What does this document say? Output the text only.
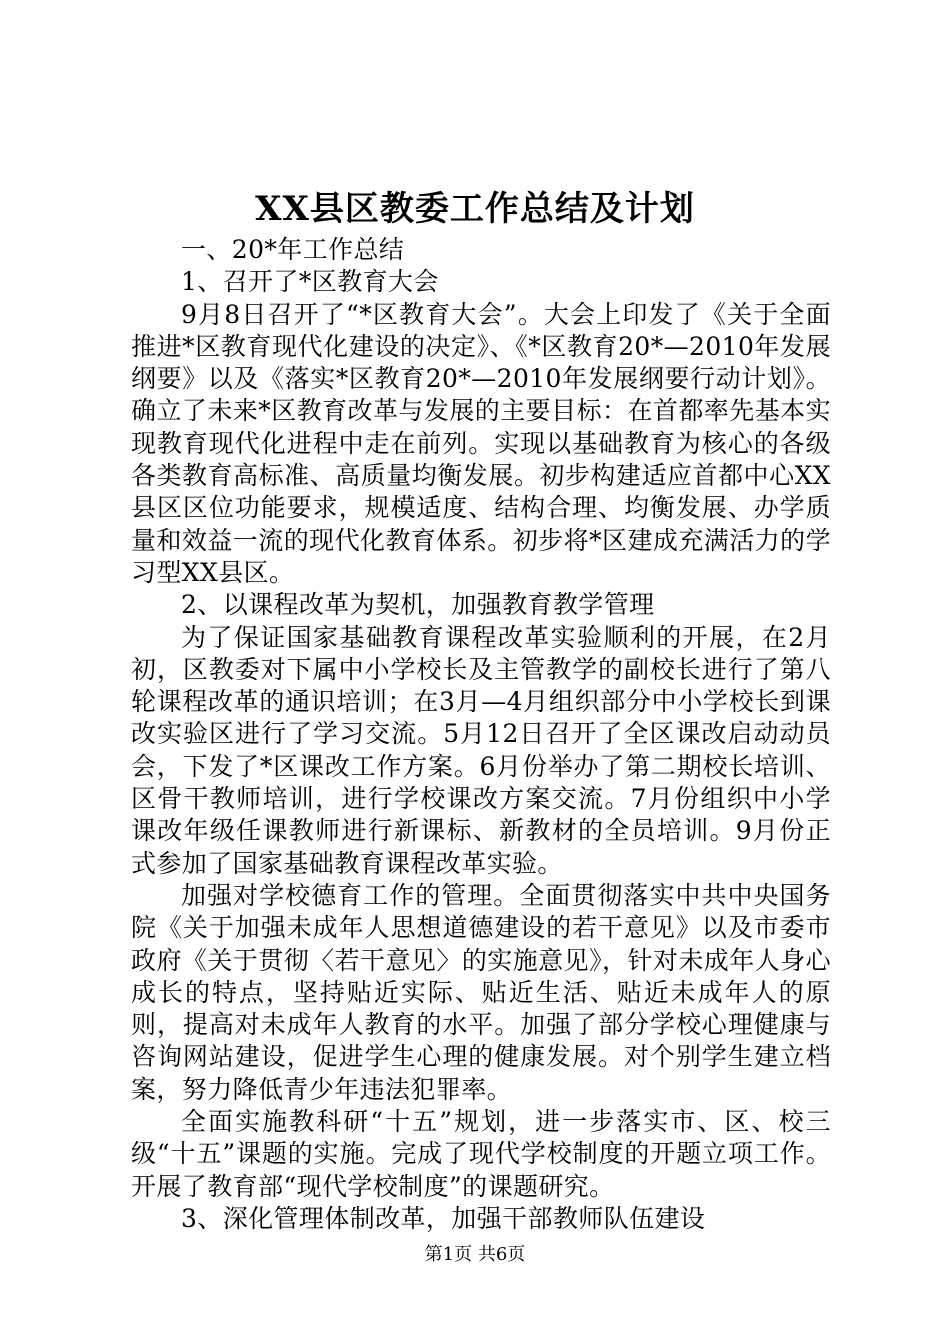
XX县区教委工作总结及计划

一、20*年工作总结

1、召开了*区教育大会

9月8日召开了“*区教育大会”。大会上印发了《关于全面推进*区教育现代化建设的决定》、《*区教育20*—2010年发展纲要》以及《落实*区教育20*—2010年发展纲要行动计划》。确立了未来*区教育改革与发展的主要目标：在首都率先基本实现教育现代化进程中走在前列。实现以基础教育为核心的各级各类教育高标准、高质量均衡发展。初步构建适应首都中心XX县区区位功能要求，规模适度、结构合理、均衡发展、办学质量和效益一流的现代化教育体系。初步将*区建成充满活力的学习型XX县区。

2、以课程改革为契机，加强教育教学管理

为了保证国家基础教育课程改革实验顺利的开展，在2月初，区教委对下属中小学校长及主管教学的副校长进行了第八轮课程改革的通识培训；在3月—4月组织部分中小学校长到课改实验区进行了学习交流。5月12日召开了全区课改启动动员会，下发了*区课改工作方案。6月份举办了第二期校长培训、区骨干教师培训，进行学校课改方案交流。7月份组织中小学课改年级任课教师进行新课标、新教材的全员培训。9月份正式参加了国家基础教育课程改革实验。

加强对学校德育工作的管理。全面贯彻落实中共中央国务院《关于加强未成年人思想道德建设的若干意见》以及市委市政府《关于贯彻〈若干意见〉的实施意见》，针对未成年人身心成长的特点，坚持贴近实际、贴近生活、贴近未成年人的原则，提高对未成年人教育的水平。加强了部分学校心理健康与咨询网站建设，促进学生心理的健康发展。对个别学生建立档案，努力降低青少年违法犯罪率。

全面实施教科研“十五”规划，进一步落实市、区、校三级“十五”课题的实施。完成了现代学校制度的开题立项工作。开展了教育部“现代学校制度”的课题研究。

3、深化管理体制改革，加强干部教师队伍建设

第1页 共6页
